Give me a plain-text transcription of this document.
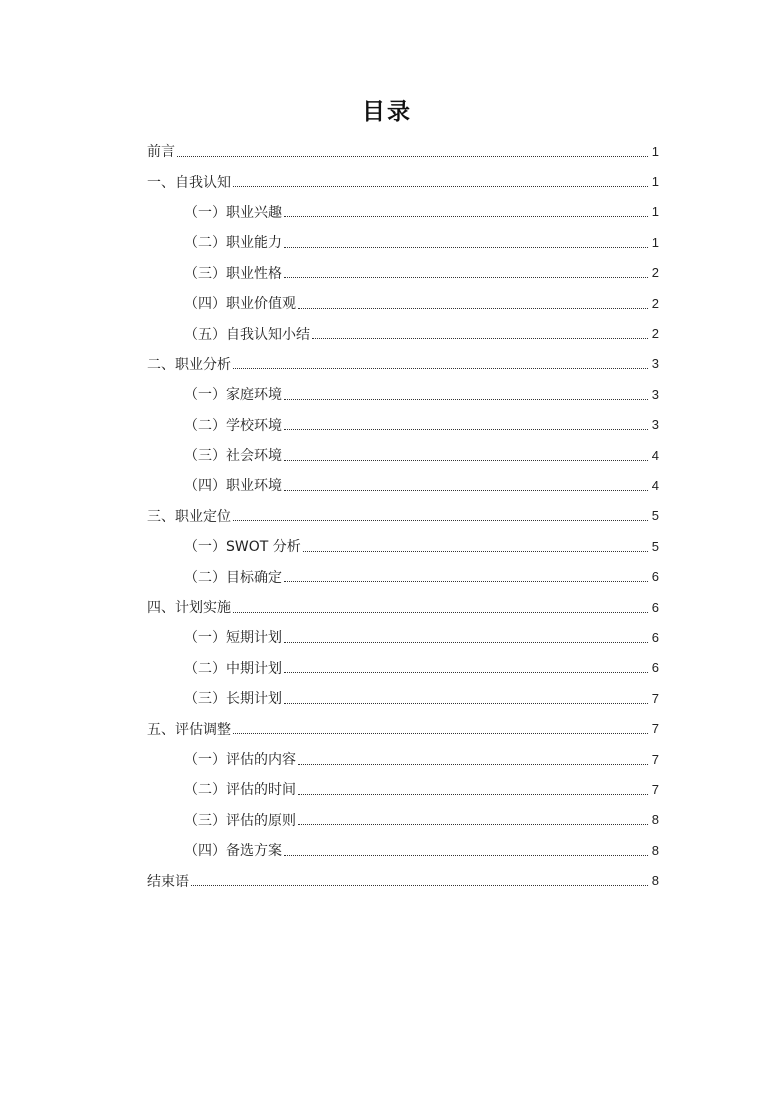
目录
前言	1
一、自我认知	1
（一）职业兴趣	1
（二）职业能力	1
（三）职业性格	2
（四）职业价值观	2
（五）自我认知小结	2
二、职业分析	3
（一）家庭环境	3
（二）学校环境	3
（三）社会环境	4
（四）职业环境	4
三、职业定位	5
（一）SWOT 分析	5
（二）目标确定	6
四、计划实施	6
（一）短期计划	6
（二）中期计划	6
（三）长期计划	7
五、评估调整	7
（一）评估的内容	7
（二）评估的时间	7
（三）评估的原则	8
（四）备选方案	8
结束语	8
